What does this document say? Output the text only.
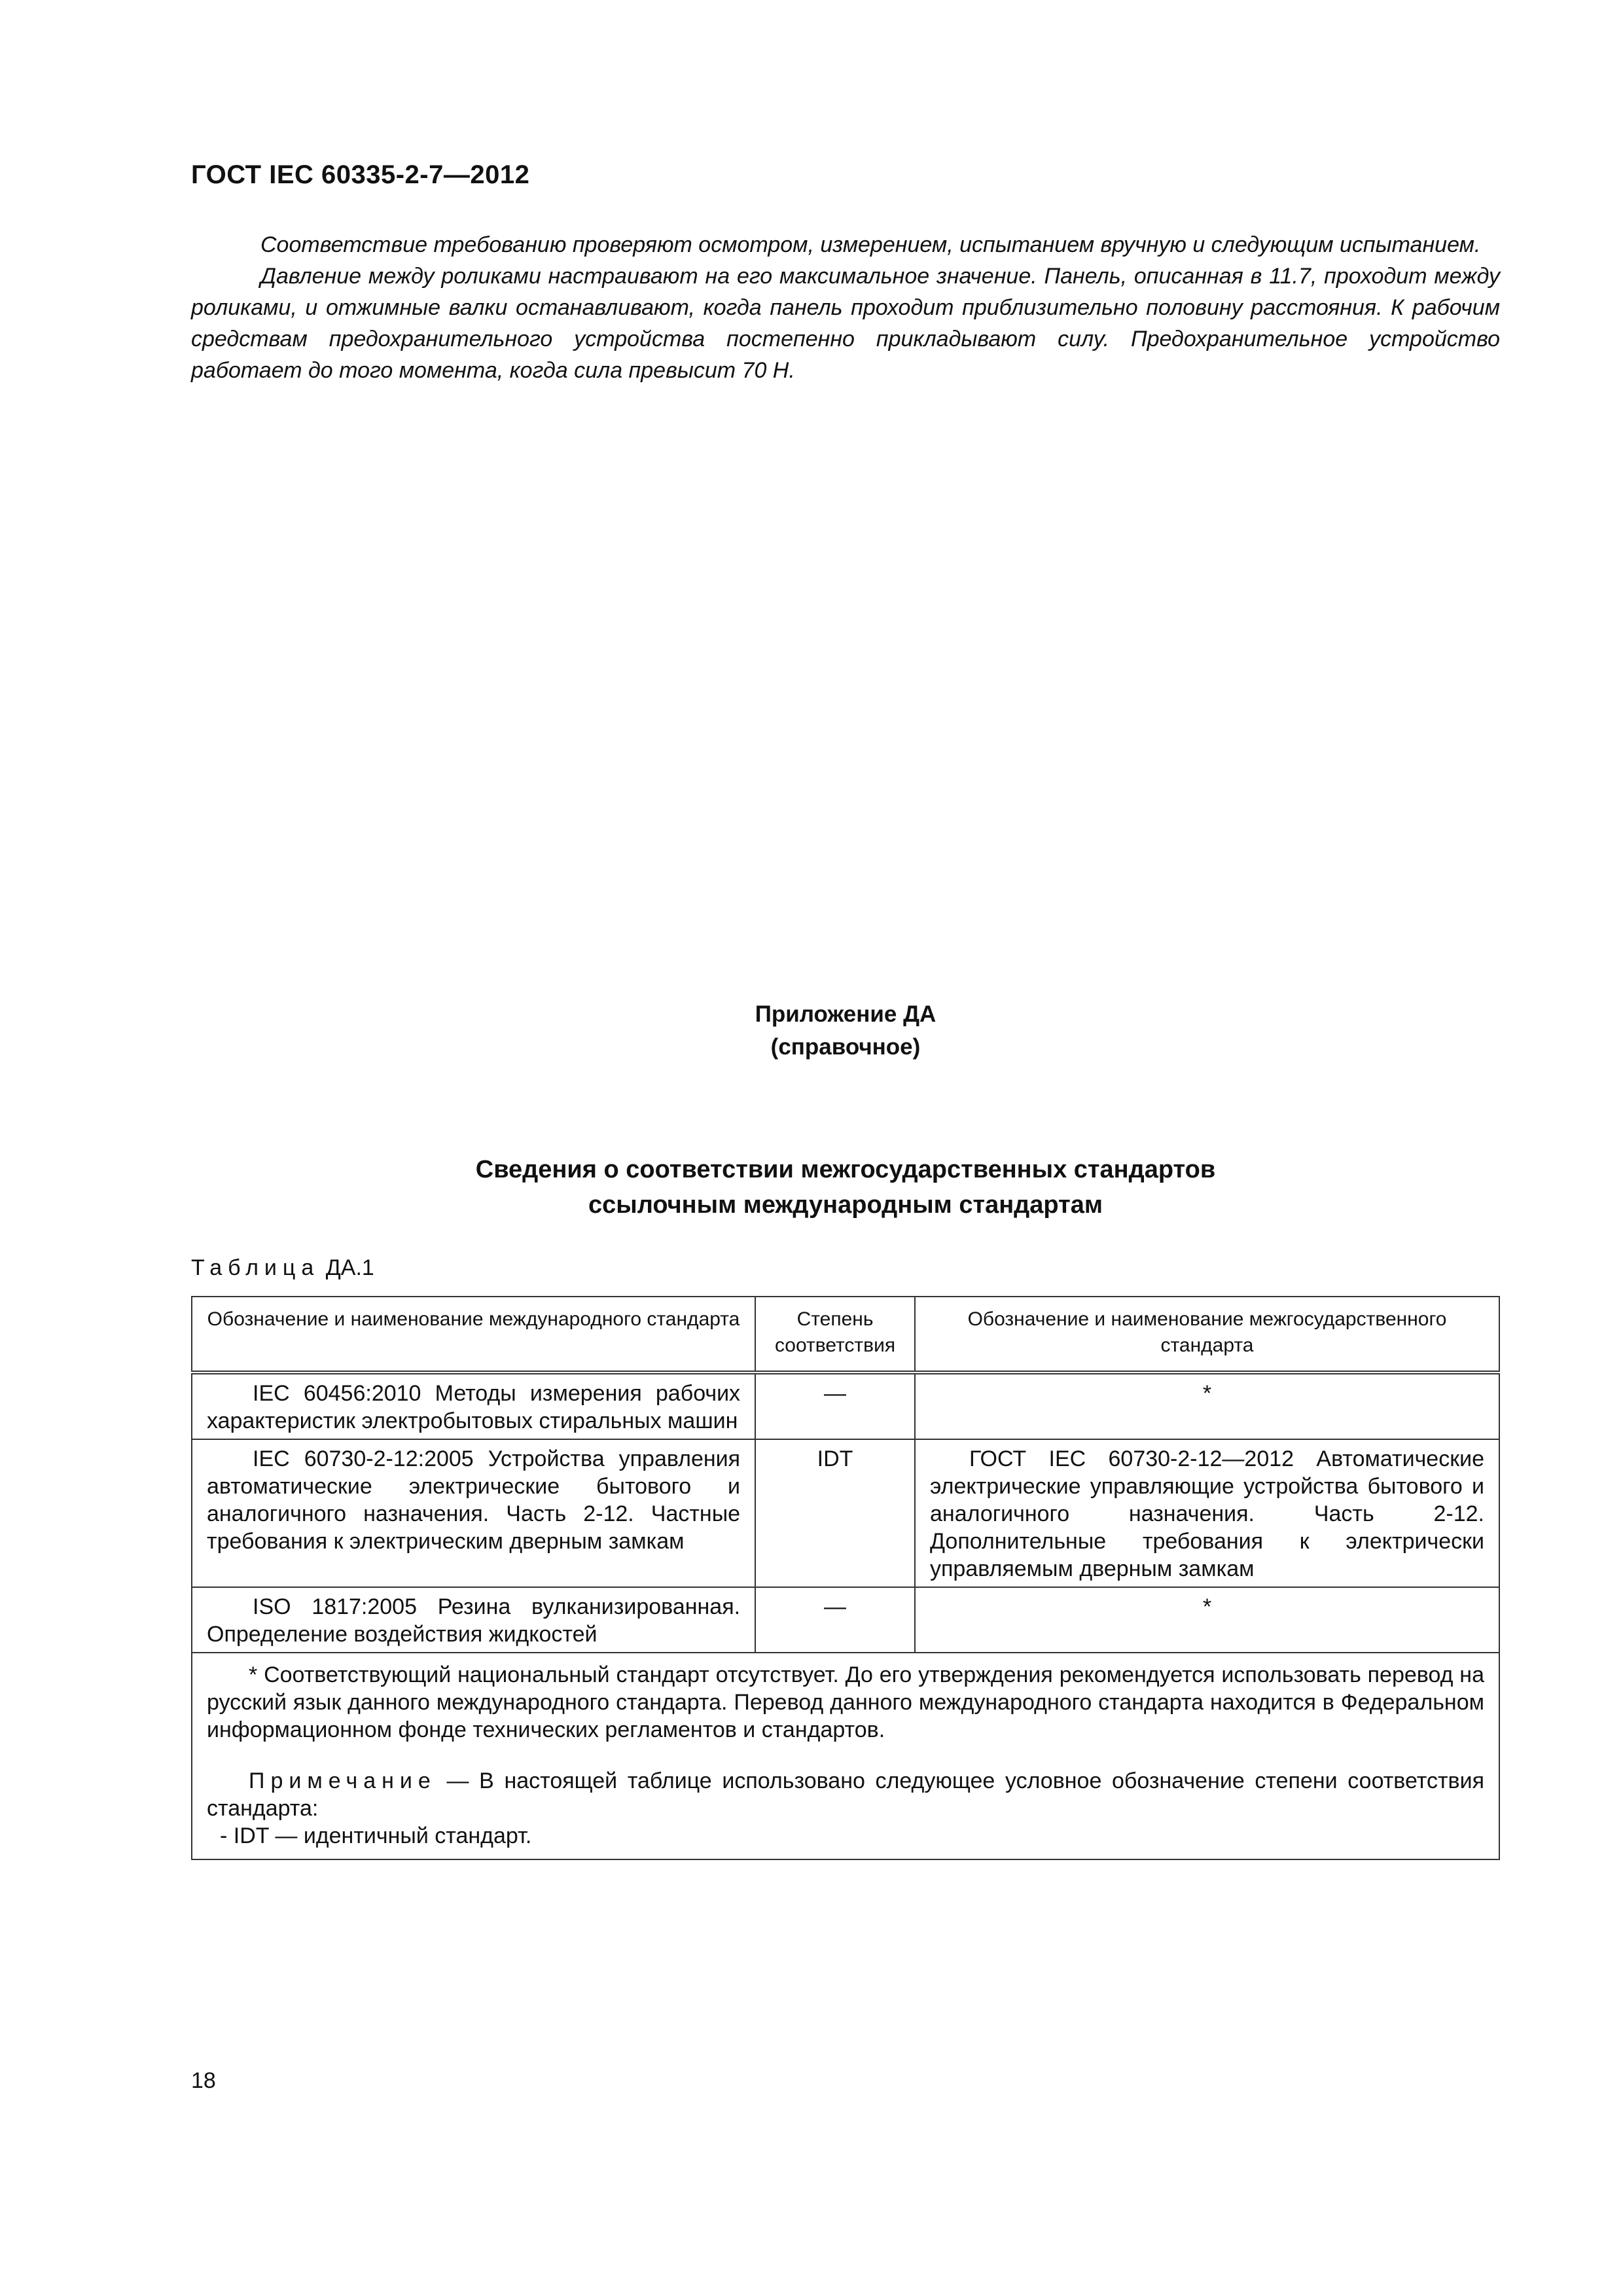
ГОСТ IEC 60335-2-7—2012

Соответствие требованию проверяют осмотром, измерением, испытанием вручную и следующим испытанием.

Давление между роликами настраивают на его максимальное значение. Панель, описанная в 11.7, проходит между роликами, и отжимные валки останавливают, когда панель проходит приблизительно половину расстояния. К рабочим средствам предохранительного устройства постепенно прикладывают силу. Предохранительное устройство работает до того момента, когда сила превысит 70 Н.

Приложение ДА
(справочное)
Сведения о соответствии межгосударственных стандартов
ссылочным международным стандартам
Таблица ДА.1
Обозначение и наименование международного стандарта	Степень соответствия	Обозначение и наименование межгосударственного стандарта
IEC 60456:2010 Методы измерения рабочих характеристик электробытовых стиральных машин	—	*
IEC 60730-2-12:2005 Устройства управления автоматические электрические бытового и аналогичного назначения. Часть 2-12. Частные требования к электрическим дверным замкам	IDT	ГОСТ IEC 60730-2-12—2012 Автоматические электрические управляющие устройства бытового и аналогичного назначения. Часть 2-12. Дополнительные требования к электрически управляемым дверным замкам
ISO 1817:2005 Резина вулканизированная. Определение воздействия жидкостей	—	*

* Соответствующий национальный стандарт отсутствует. До его утверждения рекомендуется использовать перевод на русский язык данного международного стандарта. Перевод данного международного стандарта находится в Федеральном информационном фонде технических регламентов и стандартов.

Примечание — В настоящей таблице использовано следующее условное обозначение степени соответствия стандарта:

- IDT — идентичный стандарт.		

18
